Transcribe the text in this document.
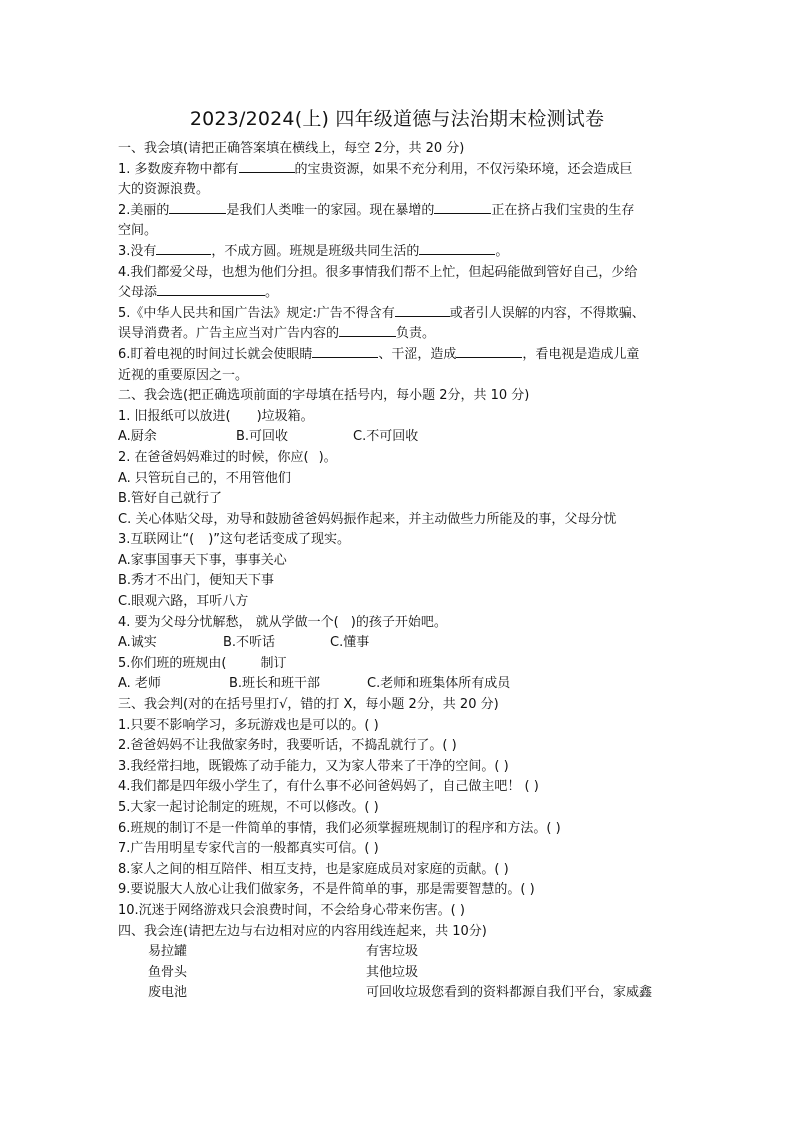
2023/2024(上) 四年级道德与法治期末检测试卷
一、我会填(请把正确答案填在横线上，每空 2分，共 20 分)
1. 多数废弃物中都有	的宝贵资源，如果不充分利用，不仅污染环境，还会造成巨
大的资源浪费。
2.美丽的	是我们人类唯一的家园。现在暴增的	正在挤占我们宝贵的生存
空间。
3.没有	，不成方圆。班规是班级共同生活的	。
4.我们都爱父母，也想为他们分担。很多事情我们帮不上忙，但起码能做到管好自己，少给
父母添	。
5.《中华人民共和国广告法》规定:广告不得含有	或者引人误解的内容，不得欺骗、
误导消费者。广告主应当对广告内容的	负责。
6.盯着电视的时间过长就会使眼睛	、干涩，造成	，看电视是造成儿童
近视的重要原因之一。
二、我会选(把正确选项前面的字母填在括号内，每小题 2分，共 10 分)
1. 旧报纸可以放进( )垃圾箱。
A.厨余	B.可回收	C.不可回收
2. 在爸爸妈妈难过的时候，你应( )。
A. 只管玩自己的，不用管他们
B.管好自己就行了
C. 关心体贴父母，劝导和鼓励爸爸妈妈振作起来，并主动做些力所能及的事，父母分忧
3.互联网让“( )”这句老话变成了现实。
A.家事国事天下事，事事关心
B.秀才不出门，便知天下事
C.眼观六路，耳听八方
4. 要为父母分忧解愁， 就从学做一个( )的孩子开始吧。
A.诚实	B.不听话	C.懂事
5.你们班的班规由(	制订
A. 老师	B.班长和班干部	C.老师和班集体所有成员
三、我会判(对的在括号里打√，错的打 X，每小题 2分，共 20 分)
1.只要不影响学习，多玩游戏也是可以的。( )
2.爸爸妈妈不让我做家务时，我要听话，不捣乱就行了。( )
3.我经常扫地，既锻炼了动手能力，又为家人带来了干净的空间。( )
4.我们都是四年级小学生了，有什么事不必问爸妈妈了，自己做主吧！ ( )
5.大家一起讨论制定的班规，不可以修改。( )
6.班规的制订不是一件简单的事情，我们必须掌握班规制订的程序和方法。( )
7.广告用明星专家代言的一般都真实可信。( )
8.家人之间的相互陪伴、相互支持，也是家庭成员对家庭的贡献。( )
9.要说服大人放心让我们做家务，不是件简单的事，那是需要智慧的。( )
10.沉迷于网络游戏只会浪费时间，不会给身心带来伤害。( )
四、我会连(请把左边与右边相对应的内容用线连起来，共 10分)
易拉罐	有害垃圾
鱼骨头	其他垃圾
废电池	可回收垃圾您看到的资料都源自我们平台，家威鑫
